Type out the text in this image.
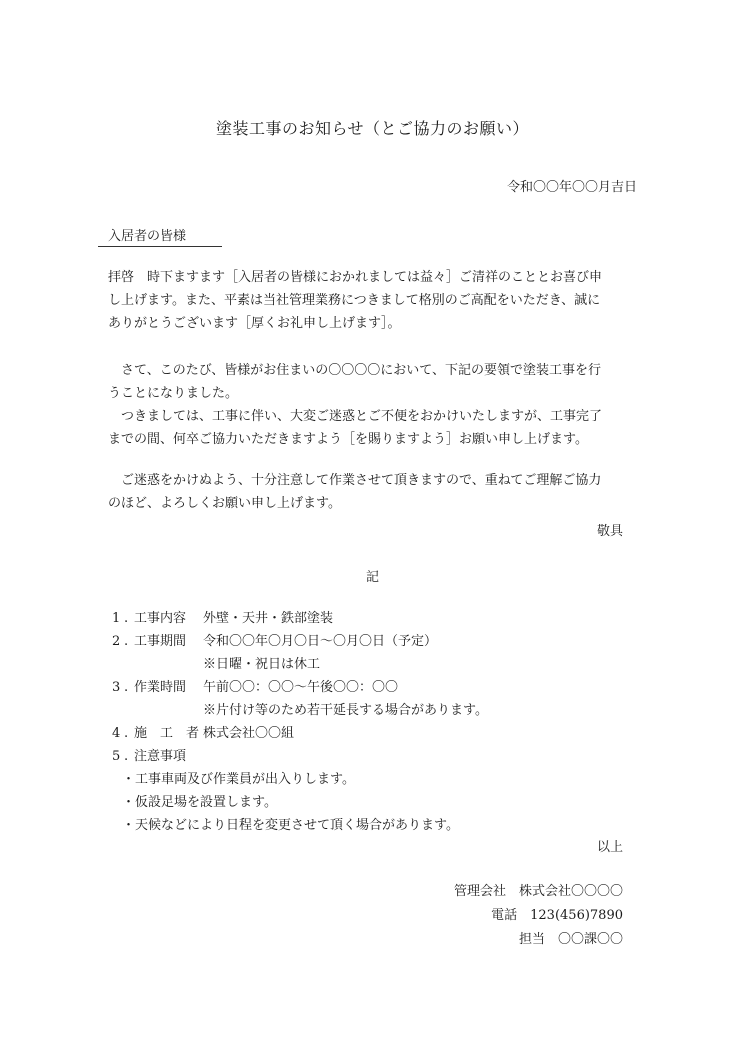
塗装工事のお知らせ（とご協力のお願い）
令和〇〇年〇〇月吉日
入居者の皆様
拝啓　時下ますます［入居者の皆様におかれましては益々］ご清祥のこととお喜び申
し上げます。また、平素は当社管理業務につきまして格別のご高配をいただき、誠に
ありがとうございます［厚くお礼申し上げます］。
　さて、このたび、皆様がお住まいの〇〇〇〇において、下記の要領で塗装工事を行
うことになりました。
　つきましては、工事に伴い、大変ご迷惑とご不便をおかけいたしますが、工事完了
までの間、何卒ご協力いただきますよう［を賜りますよう］お願い申し上げます。
　ご迷惑をかけぬよう、十分注意して作業させて頂きますので、重ねてご理解ご協力
のほど、よろしくお願い申し上げます。
敬具
記
1 . 工事内容 外壁・天井・鉄部塗装
2 . 工事期間 令和〇〇年〇月〇日～〇月〇日（予定）
※日曜・祝日は休工
3 . 作業時間 午前〇〇：〇〇～午後〇〇：〇〇
※片付け等のため若干延長する場合があります。
4 . 施　工　者 株式会社〇〇組
5 . 注意事項
・工事車両及び作業員が出入りします。
・仮設足場を設置します。
・天候などにより日程を変更させて頂く場合があります。
以上
管理会社　株式会社〇〇〇〇
電話　123(456)7890
担当　〇〇課〇〇
